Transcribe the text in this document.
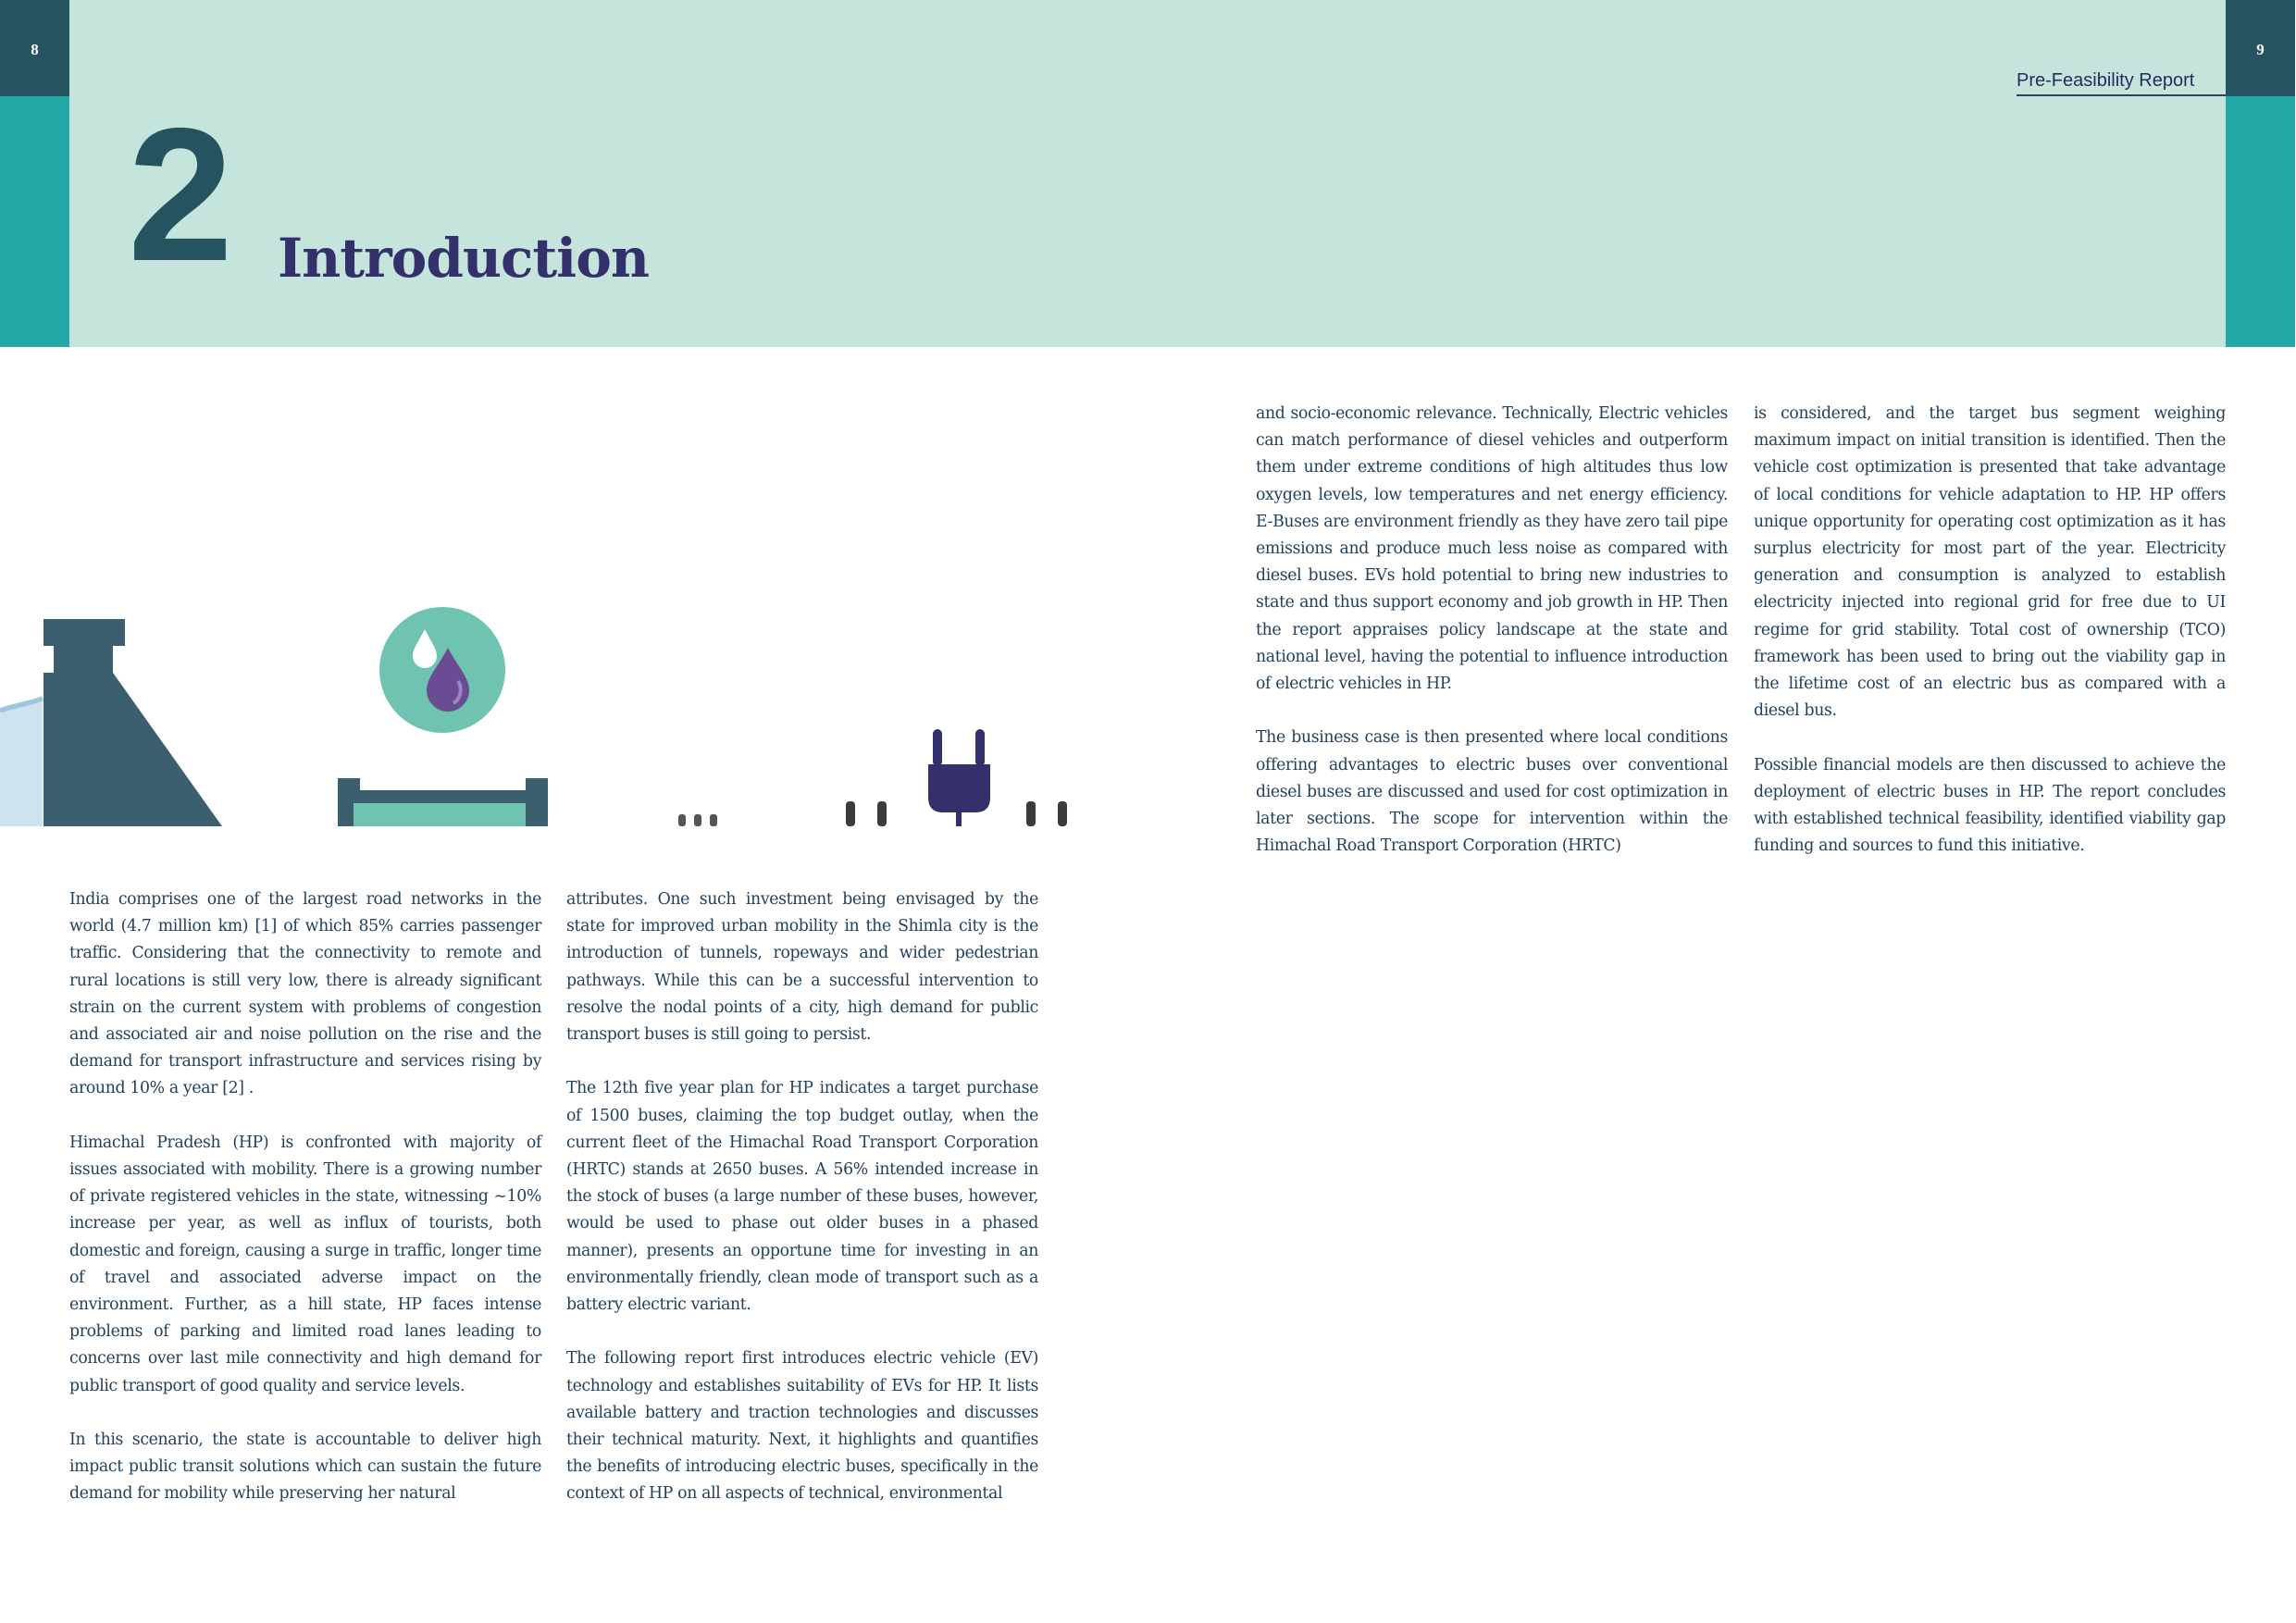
8	9
2 Introduction
Pre-Feasibility Report

India comprises one of the largest road networks in the world (4.7 million km) [1] of which 85% carries passenger traffic. Considering that the connectivity to remote and rural locations is still very low, there is already significant strain on the current system with problems of congestion and associated air and noise pollution on the rise and the demand for transport infrastructure and services rising by around 10% a year [2] .

Himachal Pradesh (HP) is confronted with majority of issues associated with mobility. There is a growing number of private registered vehicles in the state, witnessing ~10% increase per year, as well as influx of tourists, both domestic and foreign, causing a surge in traffic, longer time of travel and associated adverse impact on the environment. Further, as a hill state, HP faces intense problems of parking and limited road lanes leading to concerns over last mile connectivity and high demand for public transport of good quality and service levels.

In this scenario, the state is accountable to deliver high impact public transit solutions which can sustain the future demand for mobility while preserving her natural

attributes. One such investment being envisaged by the state for improved urban mobility in the Shimla city is the introduction of tunnels, ropeways and wider pedestrian pathways. While this can be a successful intervention to resolve the nodal points of a city, high demand for public transport buses is still going to persist.

The 12th five year plan for HP indicates a target purchase of 1500 buses, claiming the top budget outlay, when the current fleet of the Himachal Road Transport Corporation (HRTC) stands at 2650 buses. A 56% intended increase in the stock of buses (a large number of these buses, however, would be used to phase out older buses in a phased manner), presents an opportune time for investing in an environmentally friendly, clean mode of transport such as a battery electric variant.

The following report first introduces electric vehicle (EV) technology and establishes suitability of EVs for HP. It lists available battery and traction technologies and discusses their technical maturity. Next, it highlights and quantifies the benefits of introducing electric buses, specifically in the context of HP on all aspects of technical, environmental

and socio-economic relevance. Technically, Electric vehicles can match performance of diesel vehicles and outperform them under extreme conditions of high altitudes thus low oxygen levels, low temperatures and net energy efficiency. E-Buses are environment friendly as they have zero tail pipe emissions and produce much less noise as compared with diesel buses. EVs hold potential to bring new industries to state and thus support economy and job growth in HP. Then the report appraises policy landscape at the state and national level, having the potential to influence introduction of electric vehicles in HP.

The business case is then presented where local conditions offering advantages to electric buses over conventional diesel buses are discussed and used for cost optimization in later sections. The scope for intervention within the Himachal Road Transport Corporation (HRTC)

is considered, and the target bus segment weighing maximum impact on initial transition is identified. Then the vehicle cost optimization is presented that take advantage of local conditions for vehicle adaptation to HP. HP offers unique opportunity for operating cost optimization as it has surplus electricity for most part of the year. Electricity generation and consumption is analyzed to establish electricity injected into regional grid for free due to UI regime for grid stability. Total cost of ownership (TCO) framework has been used to bring out the viability gap in the lifetime cost of an electric bus as compared with a diesel bus.

Possible financial models are then discussed to achieve the deployment of electric buses in HP. The report concludes with established technical feasibility, identified viability gap funding and sources to fund this initiative.
